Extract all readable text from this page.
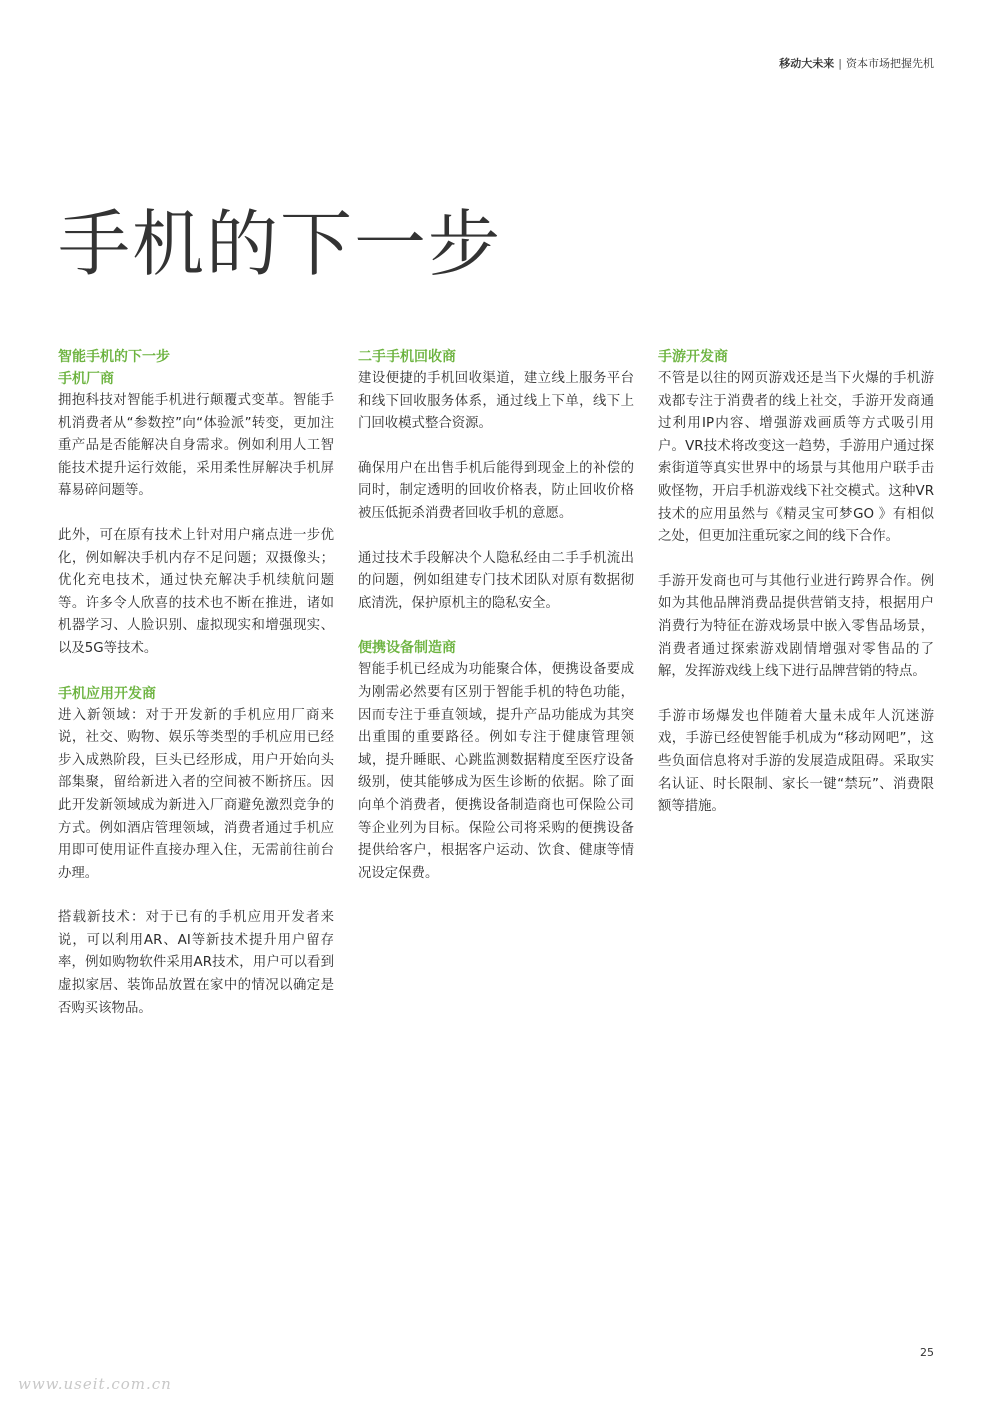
移动大未来 | 资本市场把握先机
手机的下一步
智能手机的下一步
手机厂商

拥抱科技对智能手机进行颠覆式变革。智能手机消费者从“参数控”向“体验派”转变，更加注重产品是否能解决自身需求。例如利用人工智能技术提升运行效能，采用柔性屏解决手机屏幕易碎问题等。

此外，可在原有技术上针对用户痛点进一步优化，例如解决手机内存不足问题；双摄像头；优化充电技术，通过快充解决手机续航问题等。许多令人欣喜的技术也不断在推进，诸如机器学习、人脸识别、虚拟现实和增强现实、以及5G等技术。

手机应用开发商

进入新领域：对于开发新的手机应用厂商来说，社交、购物、娱乐等类型的手机应用已经步入成熟阶段，巨头已经形成，用户开始向头部集聚，留给新进入者的空间被不断挤压。因此开发新领域成为新进入厂商避免激烈竞争的方式。例如酒店管理领域，消费者通过手机应用即可使用证件直接办理入住，无需前往前台办理。

搭载新技术：对于已有的手机应用开发者来说，可以利用AR、AI等新技术提升用户留存率，例如购物软件采用AR技术，用户可以看到虚拟家居、装饰品放置在家中的情况以确定是否购买该物品。

二手手机回收商

建设便捷的手机回收渠道，建立线上服务平台和线下回收服务体系，通过线上下单，线下上门回收模式整合资源。

确保用户在出售手机后能得到现金上的补偿的同时，制定透明的回收价格表，防止回收价格被压低扼杀消费者回收手机的意愿。

通过技术手段解决个人隐私经由二手手机流出的问题，例如组建专门技术团队对原有数据彻底清洗，保护原机主的隐私安全。

便携设备制造商

智能手机已经成为功能聚合体，便携设备要成为刚需必然要有区别于智能手机的特色功能，因而专注于垂直领域，提升产品功能成为其突出重围的重要路径。例如专注于健康管理领域，提升睡眠、心跳监测数据精度至医疗设备级别，使其能够成为医生诊断的依据。除了面向单个消费者，便携设备制造商也可保险公司等企业列为目标。保险公司将采购的便携设备提供给客户，根据客户运动、饮食、健康等情况设定保费。

手游开发商

不管是以往的网页游戏还是当下火爆的手机游戏都专注于消费者的线上社交，手游开发商通过利用IP内容、增强游戏画质等方式吸引用户。VR技术将改变这一趋势，手游用户通过探索街道等真实世界中的场景与其他用户联手击败怪物，开启手机游戏线下社交模式。这种VR技术的应用虽然与《精灵宝可梦GO 》有相似之处，但更加注重玩家之间的线下合作。

手游开发商也可与其他行业进行跨界合作。例如为其他品牌消费品提供营销支持，根据用户消费行为特征在游戏场景中嵌入零售品场景，消费者通过探索游戏剧情增强对零售品的了解，发挥游戏线上线下进行品牌营销的特点。

手游市场爆发也伴随着大量未成年人沉迷游戏，手游已经使智能手机成为“移动网吧”，这些负面信息将对手游的发展造成阻碍。采取实名认证、时长限制、家长一键“禁玩”、消费限额等措施。

25
www.useit.com.cn
